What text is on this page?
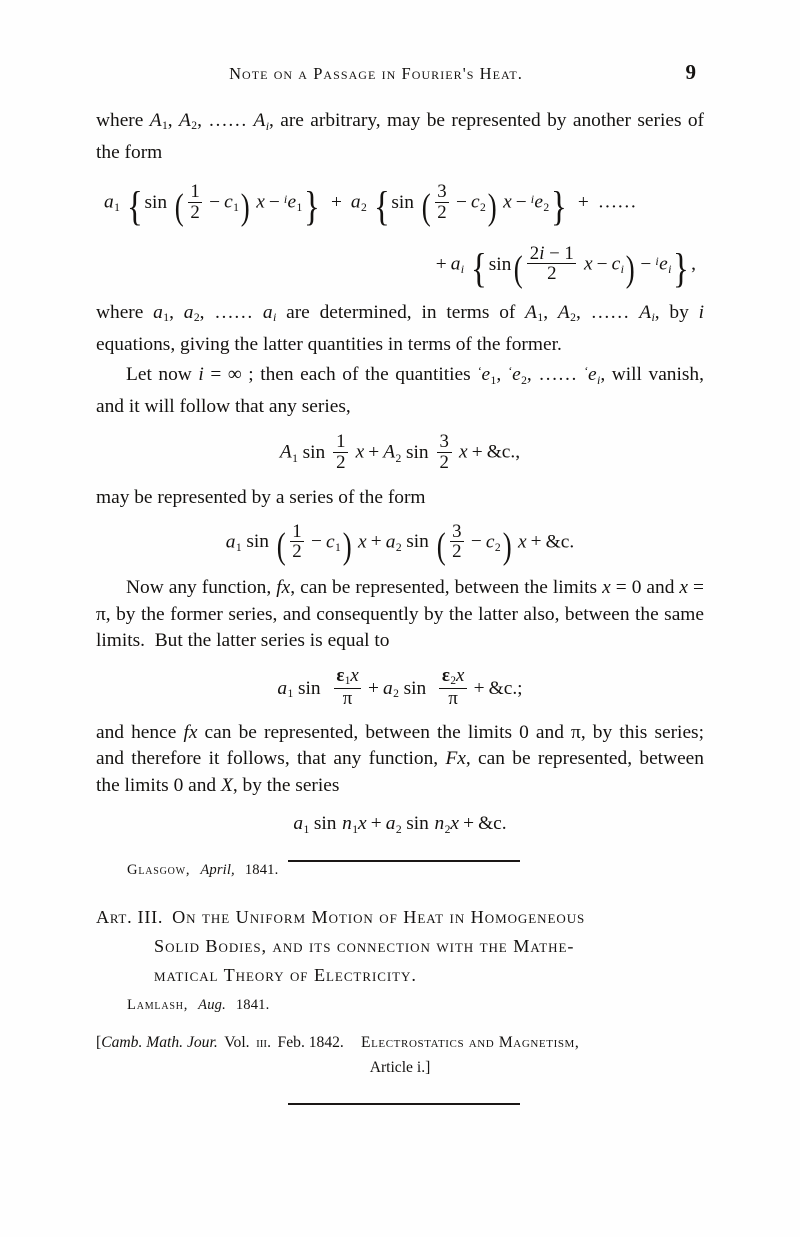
Note on a Passage in Fourier's Heat.	9

where A1, A2, …… $A_i$, are arbitrary, may be represented by another series of the form

a1 { sin ( $\frac{1}{2} - c1$) x − $^i$e1} + a2 { sin ( $\frac{3}{2} - c2$) x − $^i$e2} + ……
+ $a_i$ { $\sin( \frac{2i - 1}{2}$ $x - c_i) - ^ie_i$} ,

where a1, a2, …… $a_i$ are determined, in terms of A1, A2, …… $A_i$, by i equations, giving the latter quantities in terms of the former.

Let now i = ∞ ; then each of the quantities ‘e1, ‘e2, …… $^‘e_i$, will vanish, and it will follow that any series,

A1 $\sin \frac{1}{2}$ x + A2 $\sin \frac{3}{2}$ x + &c.,

may be represented by a series of the form

a1 sin ( $\frac{1}{2} - c1$) x + a2 sin ( $\frac{3}{2} - c2$) x + &c.

Now any function, fx, can be represented, between the limits x = 0 and x = π, by the former series, and consequently by the latter also, between the same limits.  But the latter series is equal to

a1 $\sin \frac{\varepsilon 1x}{\pi} + a2$ $\sin \frac{\varepsilon 2x}{\pi}$ + &c.;

and hence fx can be represented, between the limits 0 and π, by this series; and therefore it follows, that any function, Fx, can be represented, between the limits 0 and X, by the series

a1 sin n1x + a2 sin n2x + &c.
Glasgow, April, 1841.
Art. III. On the Uniform Motion of Heat in Homogeneous
Solid Bodies, and its connection with the Mathe-
matical Theory of Electricity.
Lamlash, Aug. 1841.
[Camb. Math. Jour. Vol. iii. Feb. 1842. Electrostatics and Magnetism,
Article i.]
